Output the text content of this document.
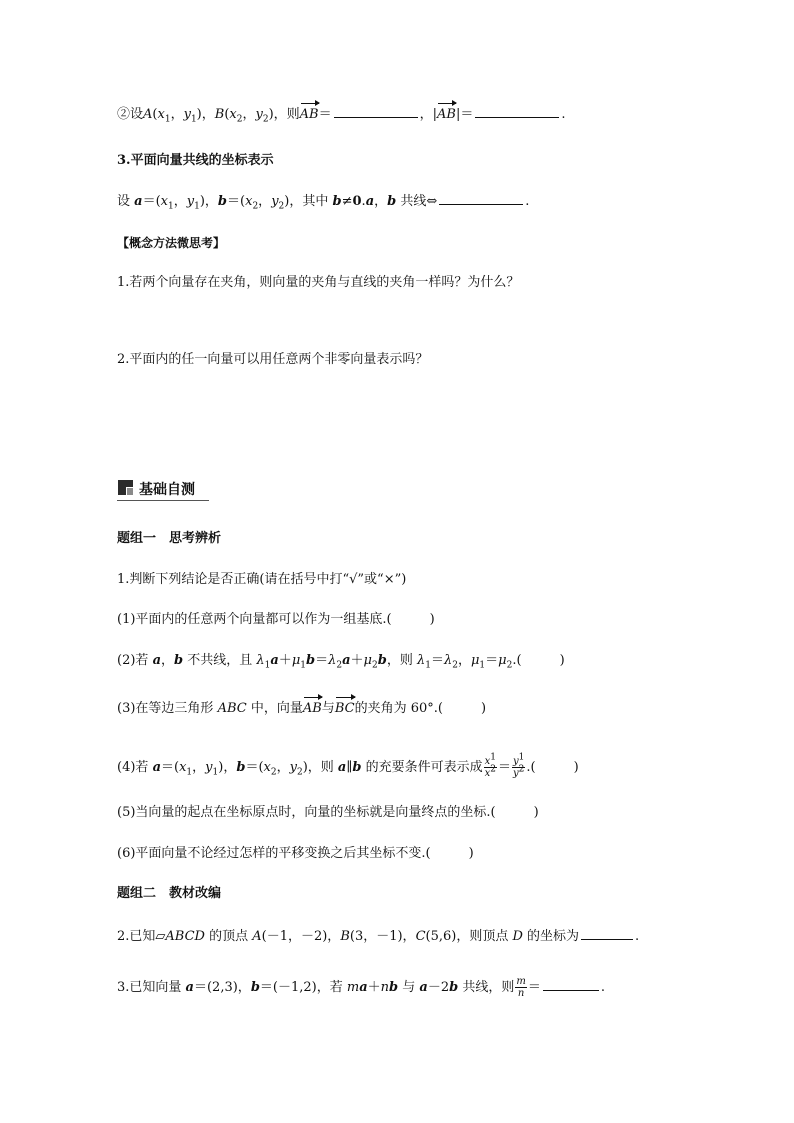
②设$A(x_1$，$y_1$)，$B(x_2$，$y_2$)，则AB＝	，|AB|＝	.
3.平面向量共线的坐标表示
设 $a=(x_1$，$y_1$)，$b=(x_2$，$y_2$)，其中 b≠0.a，b 共线⇔	.
【概念方法微思考】
1.若两个向量存在夹角，则向量的夹角与直线的夹角一样吗？为什么？
2.平面内的任一向量可以用任意两个非零向量表示吗？
基础自测
题组一　思考辨析
1.判断下列结论是否正确(请在括号中打“√”或“×”)
(1)平面内的任意两个向量都可以作为一组基底.(	)
(2)若 a，b 不共线，且 $\lambda_1a+\mu_1b=\lambda_2a+\mu_2b$，则 $\lambda_1=\lambda_2$，$\mu_1=\mu_2$.(	)
(3)在等边三角形 ABC 中，向量AB与BC的夹角为 60°.(	)
(4)若 $a=(x_1$，$y_1$)，$b=(x_2$，$y_2$)，则 a∥b 的充要条件可表示成 $\frac{x^1}{x^2} = \frac{y^1}{y^2}$ .(	)
(5)当向量的起点在坐标原点时，向量的坐标就是向量终点的坐标.(	)
(6)平面向量不论经过怎样的平移变换之后其坐标不变.(	)
题组二　教材改编
2.已知▱ABCD 的顶点 A(－1，－2)，B(3，－1)，C(5,6)，则顶点 D 的坐标为	.
3.已知向量 a＝(2,3)，b＝(－1,2)，若 ma＋nb 与 a－2b 共线，则 $\frac{m}{n}$ ＝	.
